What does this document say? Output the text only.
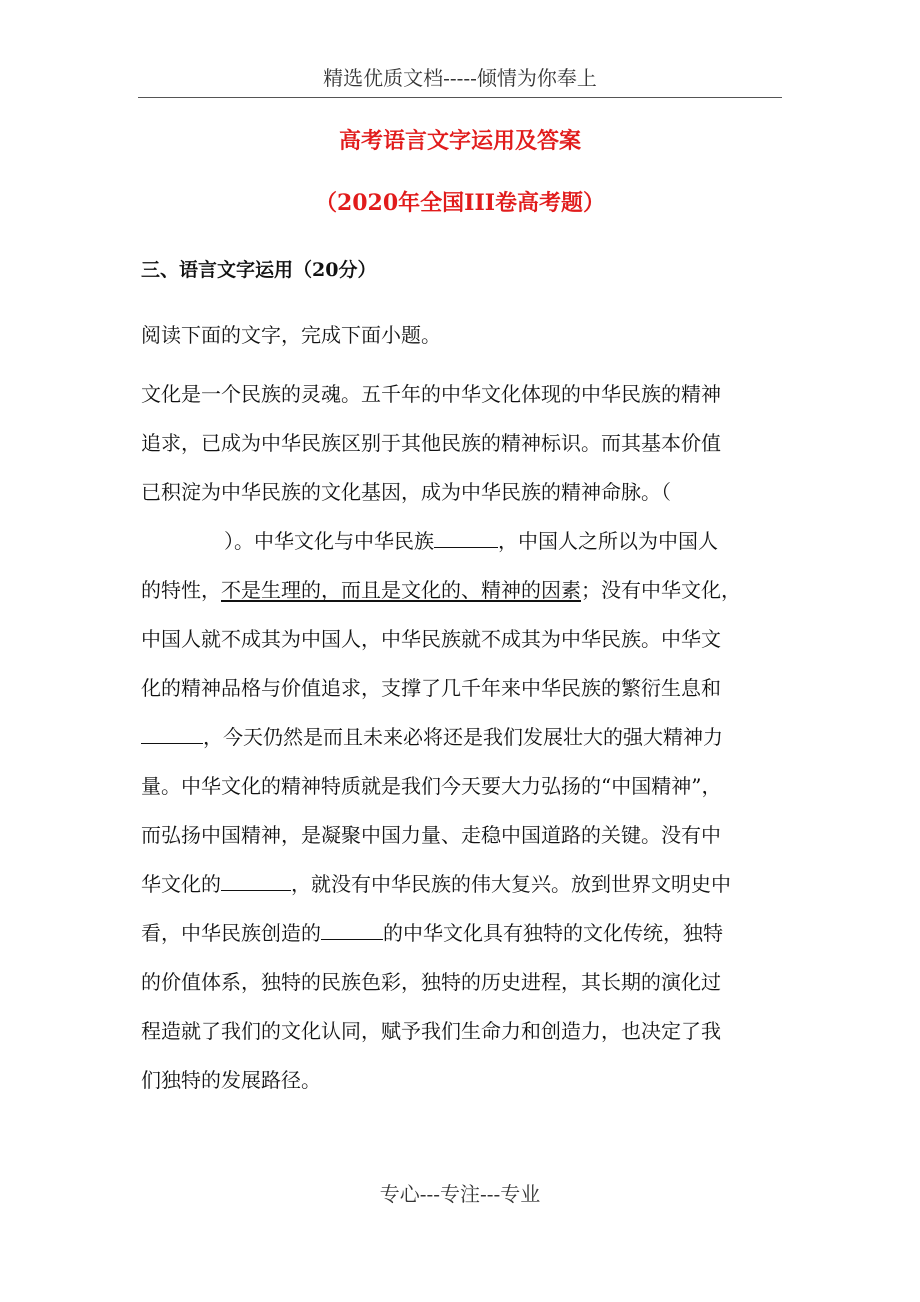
精选优质文档-----倾情为你奉上
高考语言文字运用及答案
（2020年全国III卷高考题）
三、语言文字运用（20分）
阅读下面的文字，完成下面小题。
文化是一个民族的灵魂。五千年的中华文化体现的中华民族的精神
追求，已成为中华民族区别于其他民族的精神标识。而其基本价值
已积淀为中华民族的文化基因，成为中华民族的精神命脉。（
）。中华文化与中华民族	，中国人之所以为中国人
的特性，不是生理的，而且是文化的、精神的因素；没有中华文化，
中国人就不成其为中国人，中华民族就不成其为中华民族。中华文
化的精神品格与价值追求，支撑了几千年来中华民族的繁衍生息和
，今天仍然是而且未来必将还是我们发展壮大的强大精神力
量。中华文化的精神特质就是我们今天要大力弘扬的“中国精神”，
而弘扬中国精神，是凝聚中国力量、走稳中国道路的关键。没有中
华文化的	，就没有中华民族的伟大复兴。放到世界文明史中
看，中华民族创造的	的中华文化具有独特的文化传统，独特
的价值体系，独特的民族色彩，独特的历史进程，其长期的演化过
程造就了我们的文化认同，赋予我们生命力和创造力，也决定了我
们独特的发展路径。
专心---专注---专业
